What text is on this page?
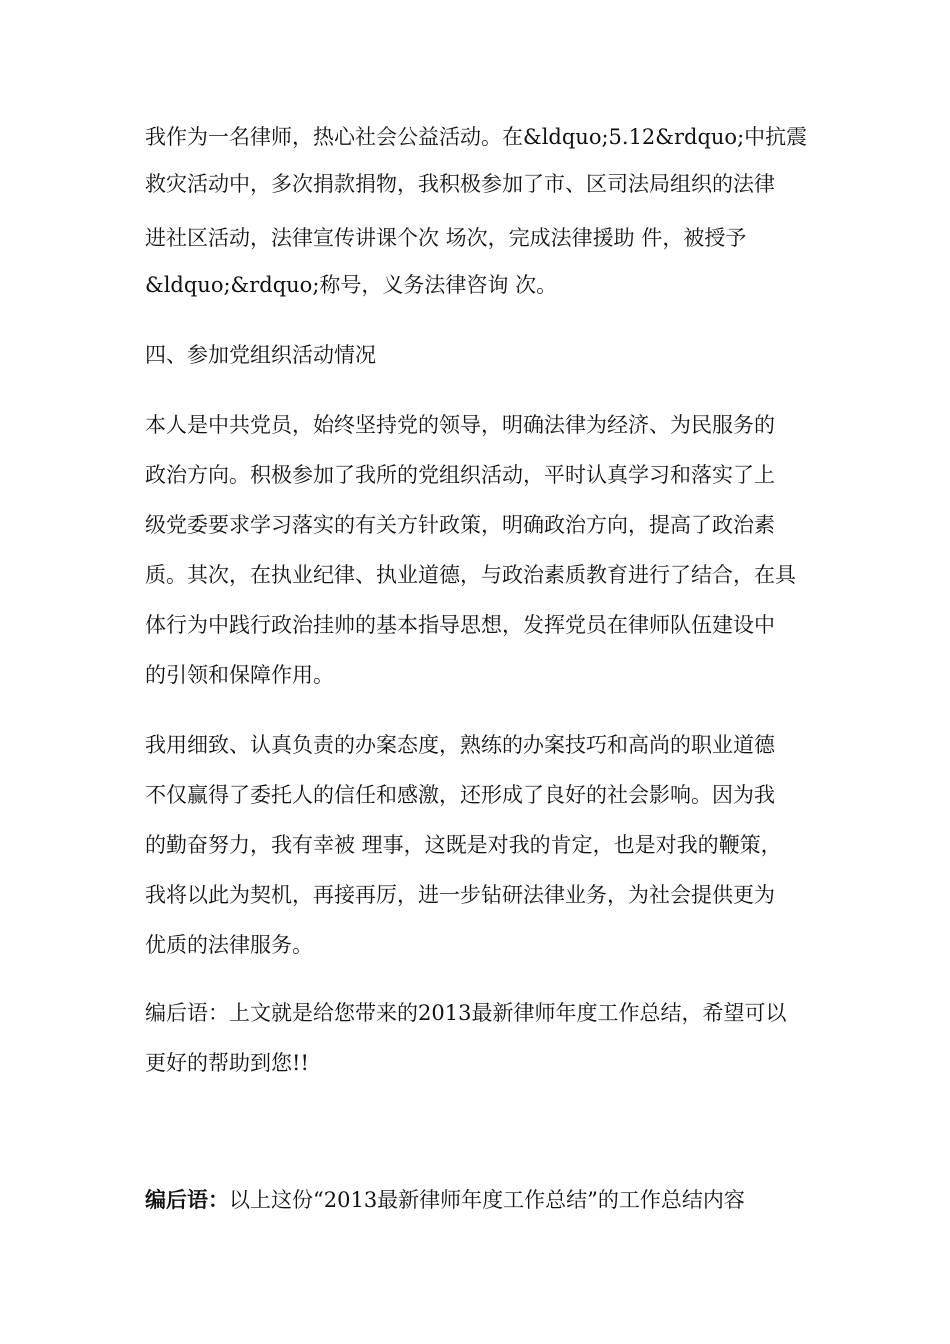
我作为一名律师，热心社会公益活动。在&ldquo;5.12&rdquo;中抗震
救灾活动中，多次捐款捐物，我积极参加了市、区司法局组织的法律
进社区活动，法律宣传讲课个次 场次，完成法律援助 件，被授予
&ldquo;&rdquo;称号，义务法律咨询 次。
四、参加党组织活动情况
本人是中共党员，始终坚持党的领导，明确法律为经济、为民服务的
政治方向。积极参加了我所的党组织活动，平时认真学习和落实了上
级党委要求学习落实的有关方针政策，明确政治方向，提高了政治素
质。其次，在执业纪律、执业道德，与政治素质教育进行了结合，在具
体行为中践行政治挂帅的基本指导思想，发挥党员在律师队伍建设中
的引领和保障作用。
我用细致、认真负责的办案态度，熟练的办案技巧和高尚的职业道德
不仅赢得了委托人的信任和感激，还形成了良好的社会影响。因为我
的勤奋努力，我有幸被 理事，这既是对我的肯定，也是对我的鞭策，
我将以此为契机，再接再厉，进一步钻研法律业务，为社会提供更为
优质的法律服务。
编后语：上文就是给您带来的2013最新律师年度工作总结，希望可以
更好的帮助到您!!
编后语：以上这份“2013最新律师年度工作总结”的工作总结内容
